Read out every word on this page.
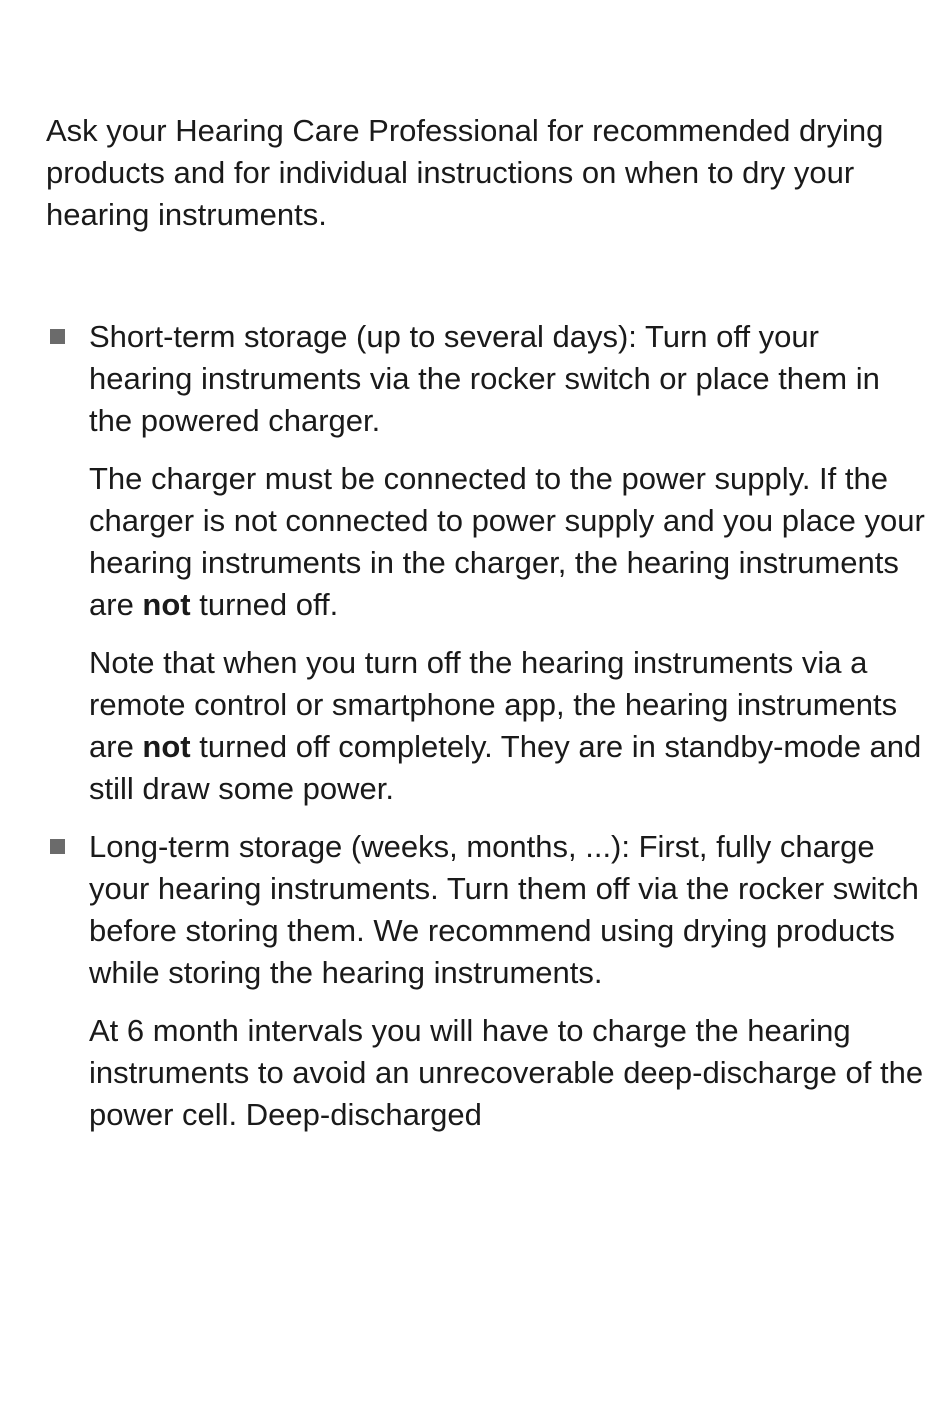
Ask your Hearing Care Professional for recommended drying products and for individual instructions on when to dry your hearing instruments.

Short-term storage (up to several days): Turn off your hearing instruments via the rocker switch or place them in the powered charger.

The charger must be connected to the power supply. If the charger is not connected to power supply and you place your hearing instruments in the charger, the hearing instruments are not turned off.

Note that when you turn off the hearing instruments via a remote control or smartphone app, the hearing instruments are not turned off completely. They are in standby-mode and still draw some power.

Long-term storage (weeks, months, ...): First, fully charge your hearing instruments. Turn them off via the rocker switch before storing them. We recommend using drying products while storing the hearing instruments.

At 6 month intervals you will have to charge the hearing instruments to avoid an unrecoverable deep-discharge of the power cell. Deep-discharged
